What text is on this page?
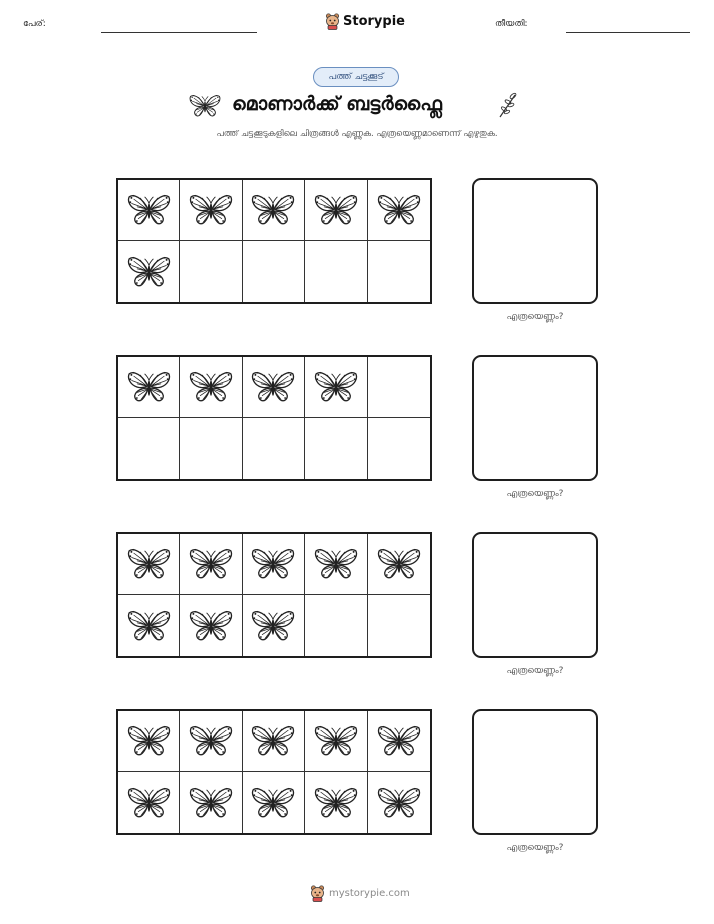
പേര്:	Storypie	തീയതി:
പത്ത് ചട്ടക്കൂട്
മൊണാർക്ക് ബട്ടർഫ്ലൈ
പത്ത് ചട്ടക്കൂടുകളിലെ ചിത്രങ്ങൾ എണ്ണുക. എത്രയെണ്ണമാണെന്ന് എഴുതുക.
എത്രയെണ്ണം?
എത്രയെണ്ണം?
എത്രയെണ്ണം?
എത്രയെണ്ണം?
mystorypie.com
